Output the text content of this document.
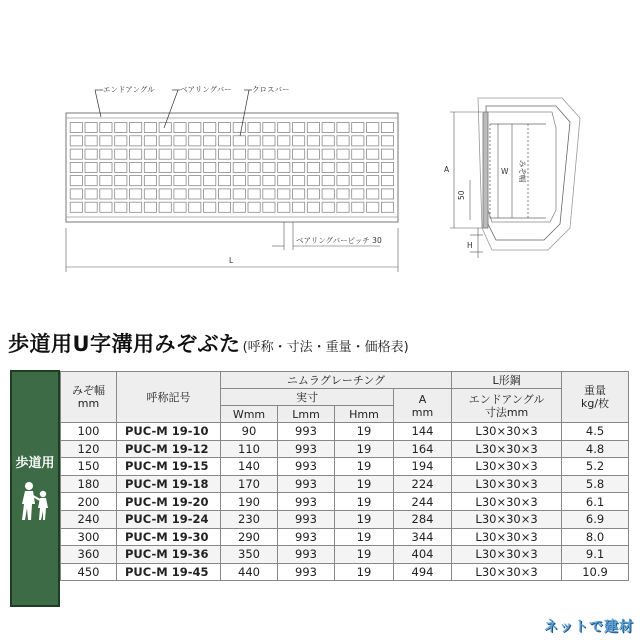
エンドアングル	ベアリングバー	クロスバー
ベアリングバーピッチ 30
L
A
50
W みぞ幅
H
歩道用U字溝用みぞぶた (呼称・寸法・重量・価格表)
歩道用
みぞ幅
mm	呼称記号	ニムラグレーチング				L形鋼	重量
kg/枚
		実寸			A
mm	エンドアングル
寸法mm	
		Wmm	Lmm	Hmm			
100	PUC-M 19-10	90	993	19	144	L30×30×3	4.5
120	PUC-M 19-12	110	993	19	164	L30×30×3	4.8
150	PUC-M 19-15	140	993	19	194	L30×30×3	5.2
180	PUC-M 19-18	170	993	19	224	L30×30×3	5.8
200	PUC-M 19-20	190	993	19	244	L30×30×3	6.1
240	PUC-M 19-24	230	993	19	284	L30×30×3	6.9
300	PUC-M 19-30	290	993	19	344	L30×30×3	8.0
360	PUC-M 19-36	350	993	19	404	L30×30×3	9.1
450	PUC-M 19-45	440	993	19	494	L30×30×3	10.9
ネットで建材
